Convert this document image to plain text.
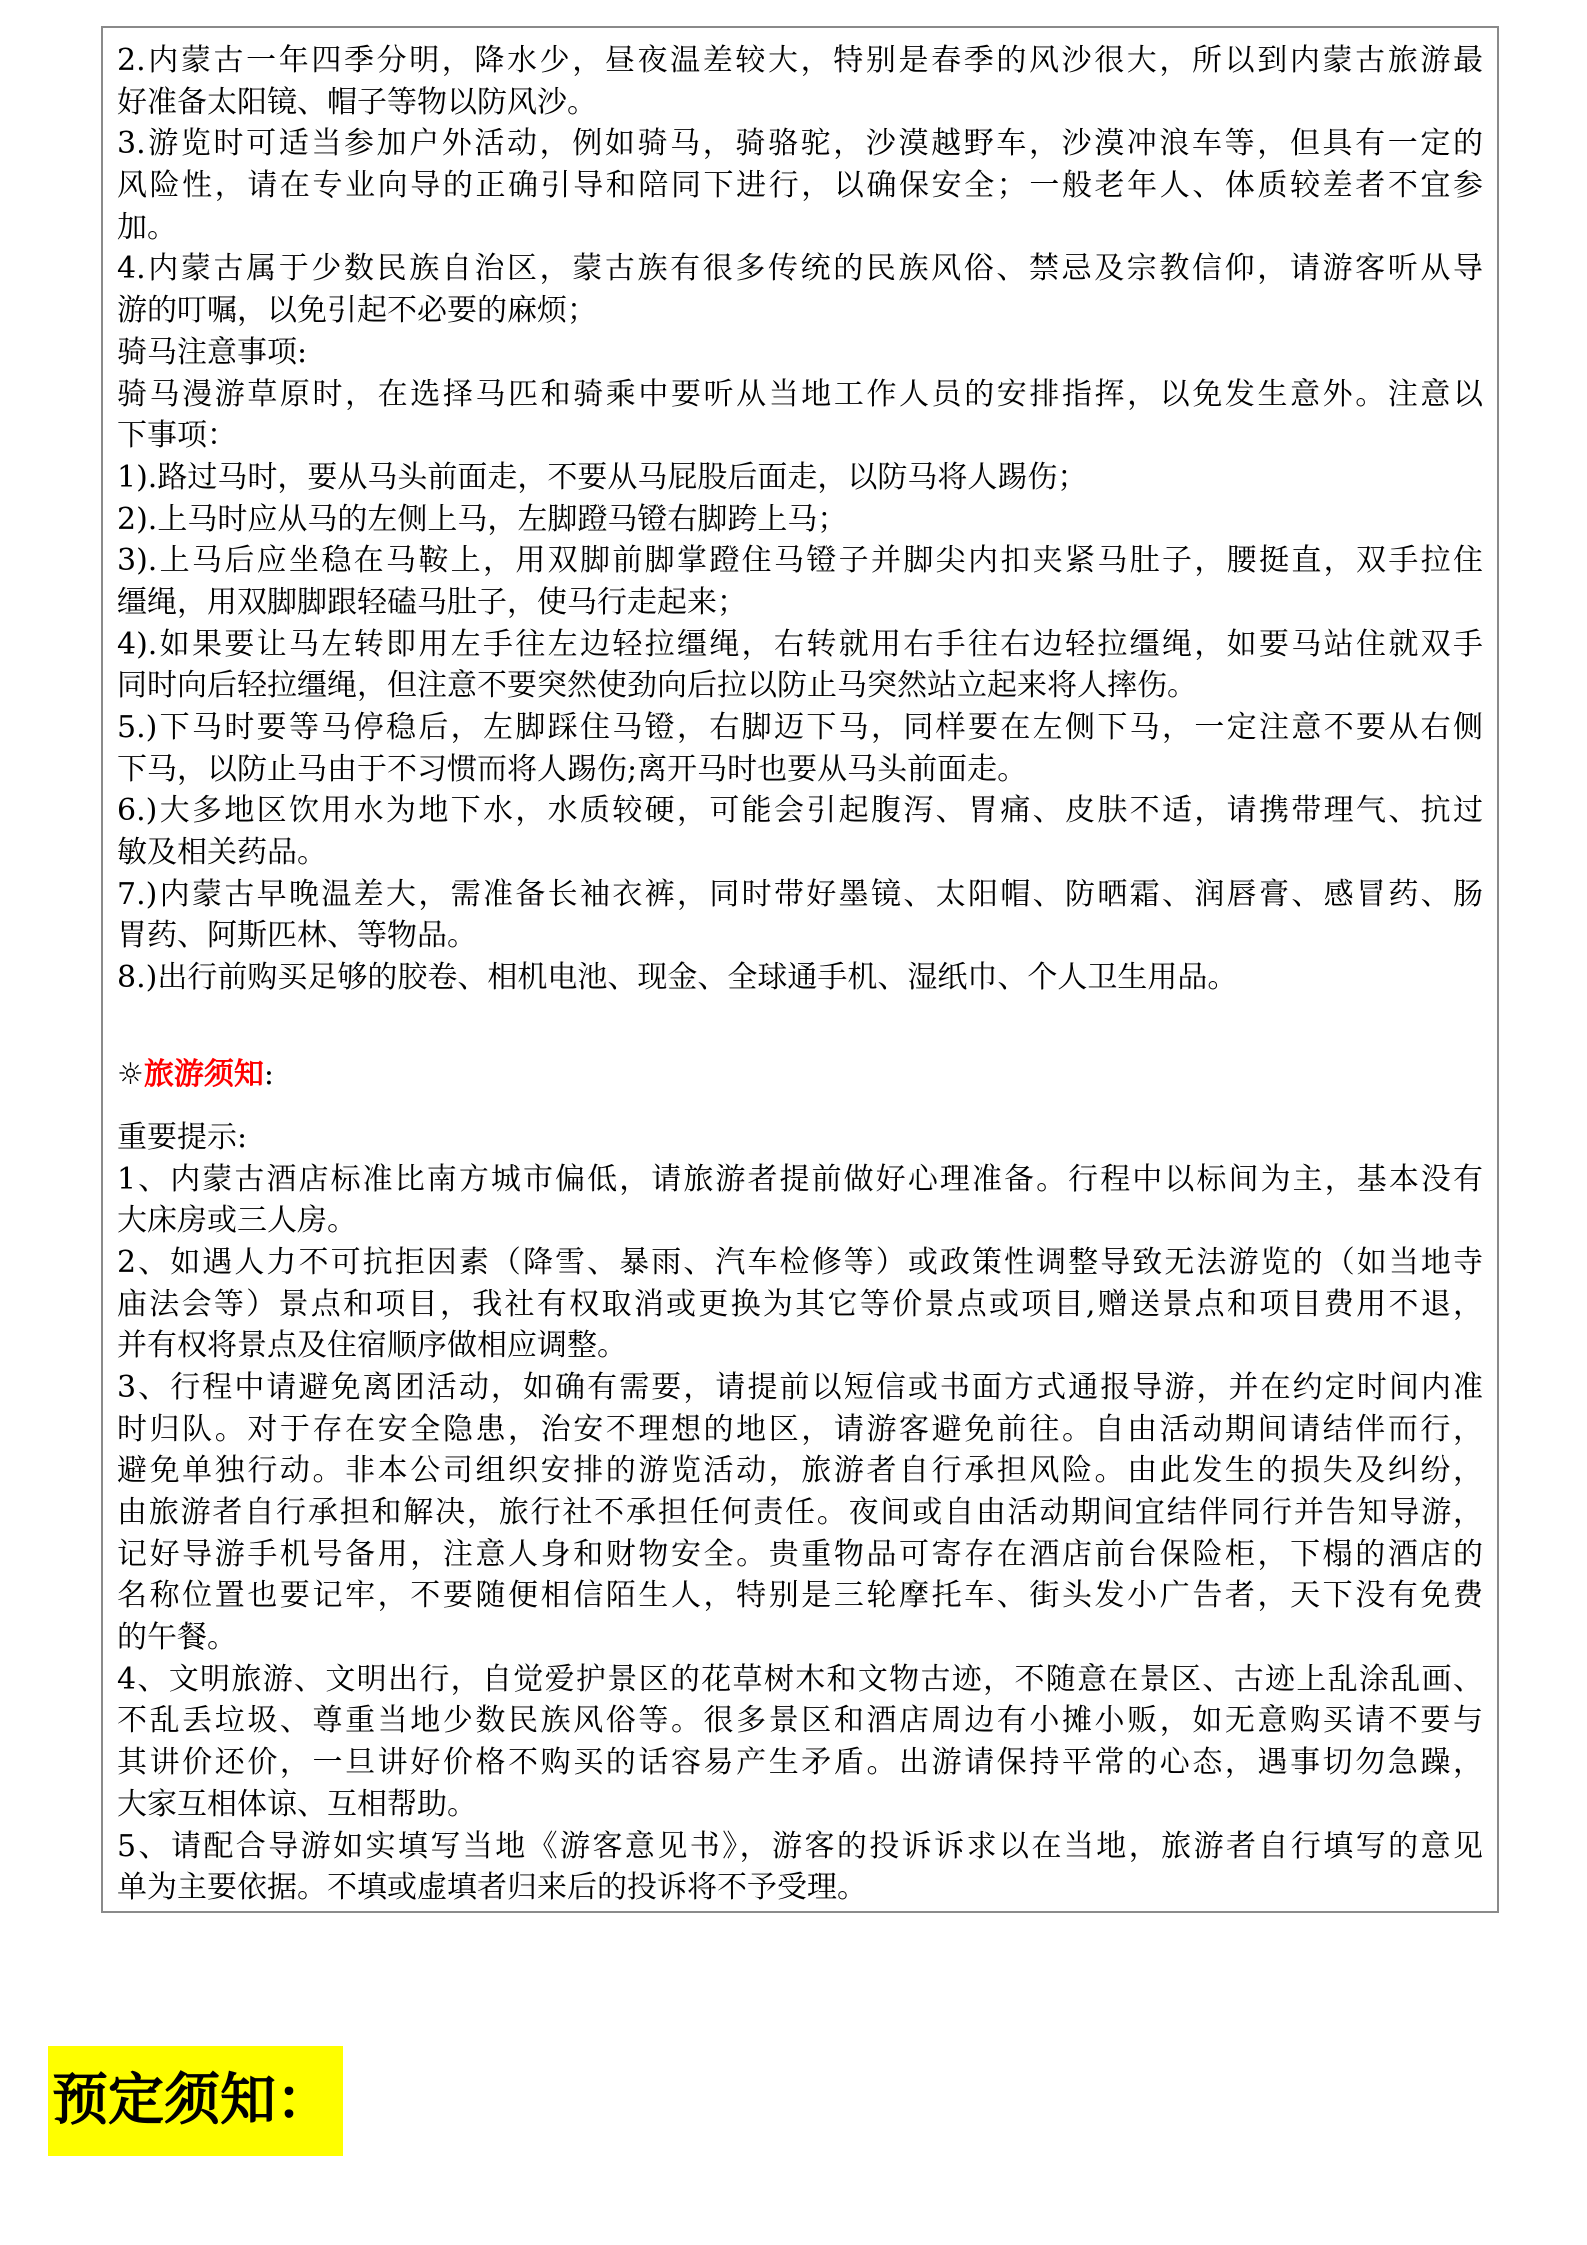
2.内蒙古一年四季分明，降水少，昼夜温差较大，特别是春季的风沙很大，所以到内蒙古旅游最
好准备太阳镜、帽子等物以防风沙。
3.游览时可适当参加户外活动，例如骑马，骑骆驼，沙漠越野车，沙漠冲浪车等，但具有一定的
风险性，请在专业向导的正确引导和陪同下进行，以确保安全；一般老年人、体质较差者不宜参
加。
4.内蒙古属于少数民族自治区，蒙古族有很多传统的民族风俗、禁忌及宗教信仰，请游客听从导
游的叮嘱，以免引起不必要的麻烦；
骑马注意事项:
骑马漫游草原时，在选择马匹和骑乘中要听从当地工作人员的安排指挥，以免发生意外。注意以
下事项：
1).路过马时，要从马头前面走，不要从马屁股后面走，以防马将人踢伤；
2).上马时应从马的左侧上马，左脚蹬马镫右脚跨上马；
3).上马后应坐稳在马鞍上，用双脚前脚掌蹬住马镫子并脚尖内扣夹紧马肚子，腰挺直，双手拉住
缰绳，用双脚脚跟轻磕马肚子，使马行走起来；
4).如果要让马左转即用左手往左边轻拉缰绳，右转就用右手往右边轻拉缰绳，如要马站住就双手
同时向后轻拉缰绳，但注意不要突然使劲向后拉以防止马突然站立起来将人摔伤。
5.)下马时要等马停稳后，左脚踩住马镫，右脚迈下马，同样要在左侧下马，一定注意不要从右侧
下马，以防止马由于不习惯而将人踢伤;离开马时也要从马头前面走。
6.)大多地区饮用水为地下水，水质较硬，可能会引起腹泻、胃痛、皮肤不适，请携带理气、抗过
敏及相关药品。
7.)内蒙古早晚温差大，需准备长袖衣裤，同时带好墨镜、太阳帽、防晒霜、润唇膏、感冒药、肠
胃药、阿斯匹林、等物品。
8.)出行前购买足够的胶卷、相机电池、现金、全球通手机、湿纸巾、个人卫生用品。
☼旅游须知:
重要提示:
1、内蒙古酒店标准比南方城市偏低，请旅游者提前做好心理准备。行程中以标间为主，基本没有
大床房或三人房。
2、如遇人力不可抗拒因素（降雪、暴雨、汽车检修等）或政策性调整导致无法游览的（如当地寺
庙法会等）景点和项目，我社有权取消或更换为其它等价景点或项目,赠送景点和项目费用不退，
并有权将景点及住宿顺序做相应调整。
3、行程中请避免离团活动，如确有需要，请提前以短信或书面方式通报导游，并在约定时间内准
时归队。对于存在安全隐患，治安不理想的地区，请游客避免前往。自由活动期间请结伴而行，
避免单独行动。非本公司组织安排的游览活动，旅游者自行承担风险。由此发生的损失及纠纷，
由旅游者自行承担和解决，旅行社不承担任何责任。夜间或自由活动期间宜结伴同行并告知导游，
记好导游手机号备用，注意人身和财物安全。贵重物品可寄存在酒店前台保险柜，下榻的酒店的
名称位置也要记牢，不要随便相信陌生人，特别是三轮摩托车、街头发小广告者，天下没有免费
的午餐。
4、文明旅游、文明出行，自觉爱护景区的花草树木和文物古迹，不随意在景区、古迹上乱涂乱画、
不乱丢垃圾、尊重当地少数民族风俗等。很多景区和酒店周边有小摊小贩，如无意购买请不要与
其讲价还价，一旦讲好价格不购买的话容易产生矛盾。出游请保持平常的心态，遇事切勿急躁，
大家互相体谅、互相帮助。
5、请配合导游如实填写当地《游客意见书》，游客的投诉诉求以在当地，旅游者自行填写的意见
单为主要依据。不填或虚填者归来后的投诉将不予受理。
预定须知：
